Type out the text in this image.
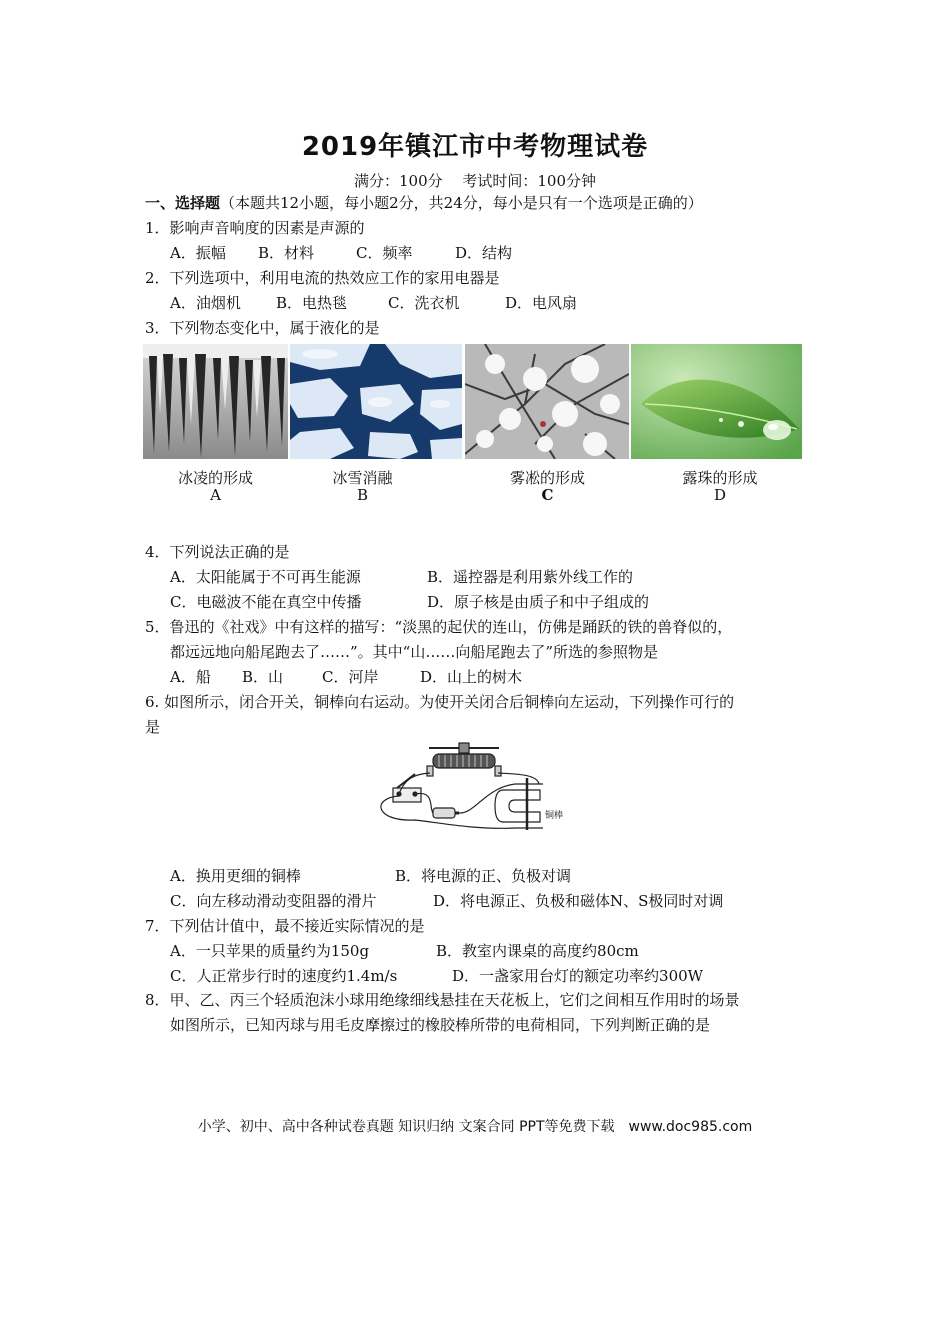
2019年镇江市中考物理试卷
满分：100分　 考试时间：100分钟
一、选择题（本题共12小题，每小题2分，共24分，每小是只有一个选项是正确的）
1．影响声音响度的因素是声源的
A．振幅 B．材料	C．频率	D．结构
2．下列选项中，利用电流的热效应工作的家用电器是
A．油烟机 B．电热毯	C．洗衣机	D．电风扇
3．下列物态变化中，属于液化的是
冰凌的形成
A
冰雪消融
B
雾凇的形成
C
露珠的形成
D
4．下列说法正确的是
A．太阳能属于不可再生能源	B．遥控器是利用紫外线工作的
C．电磁波不能在真空中传播	D．原子核是由质子和中子组成的
5．鲁迅的《社戏》中有这样的描写：“淡黑的起伏的连山，仿佛是踊跃的铁的兽脊似的，
都远远地向船尾跑去了……”。其中“山……向船尾跑去了”所选的参照物是
A．船 B．山	C．河岸	D．山上的树木
6. 如图所示，闭合开关，铜棒向右运动。为使开关闭合后铜棒向左运动，下列操作可行的
是
铜棒
A．换用更细的铜棒	B．将电源的正、负极对调
C．向左移动滑动变阻器的滑片	D．将电源正、负极和磁体N、S极同时对调
7．下列估计值中，最不接近实际情况的是
A．一只苹果的质量约为150g	B．教室内课桌的高度约80cm
C．人正常步行时的速度约1.4m/s	D．一盏家用台灯的额定功率约300W
8．甲、乙、丙三个轻质泡沫小球用绝缘细线悬挂在天花板上，它们之间相互作用时的场景
如图所示，已知丙球与用毛皮摩擦过的橡胶棒所带的电荷相同，下列判断正确的是
小学、初中、高中各种试卷真题 知识归纳 文案合同 PPT等免费下载　www.doc985.com
